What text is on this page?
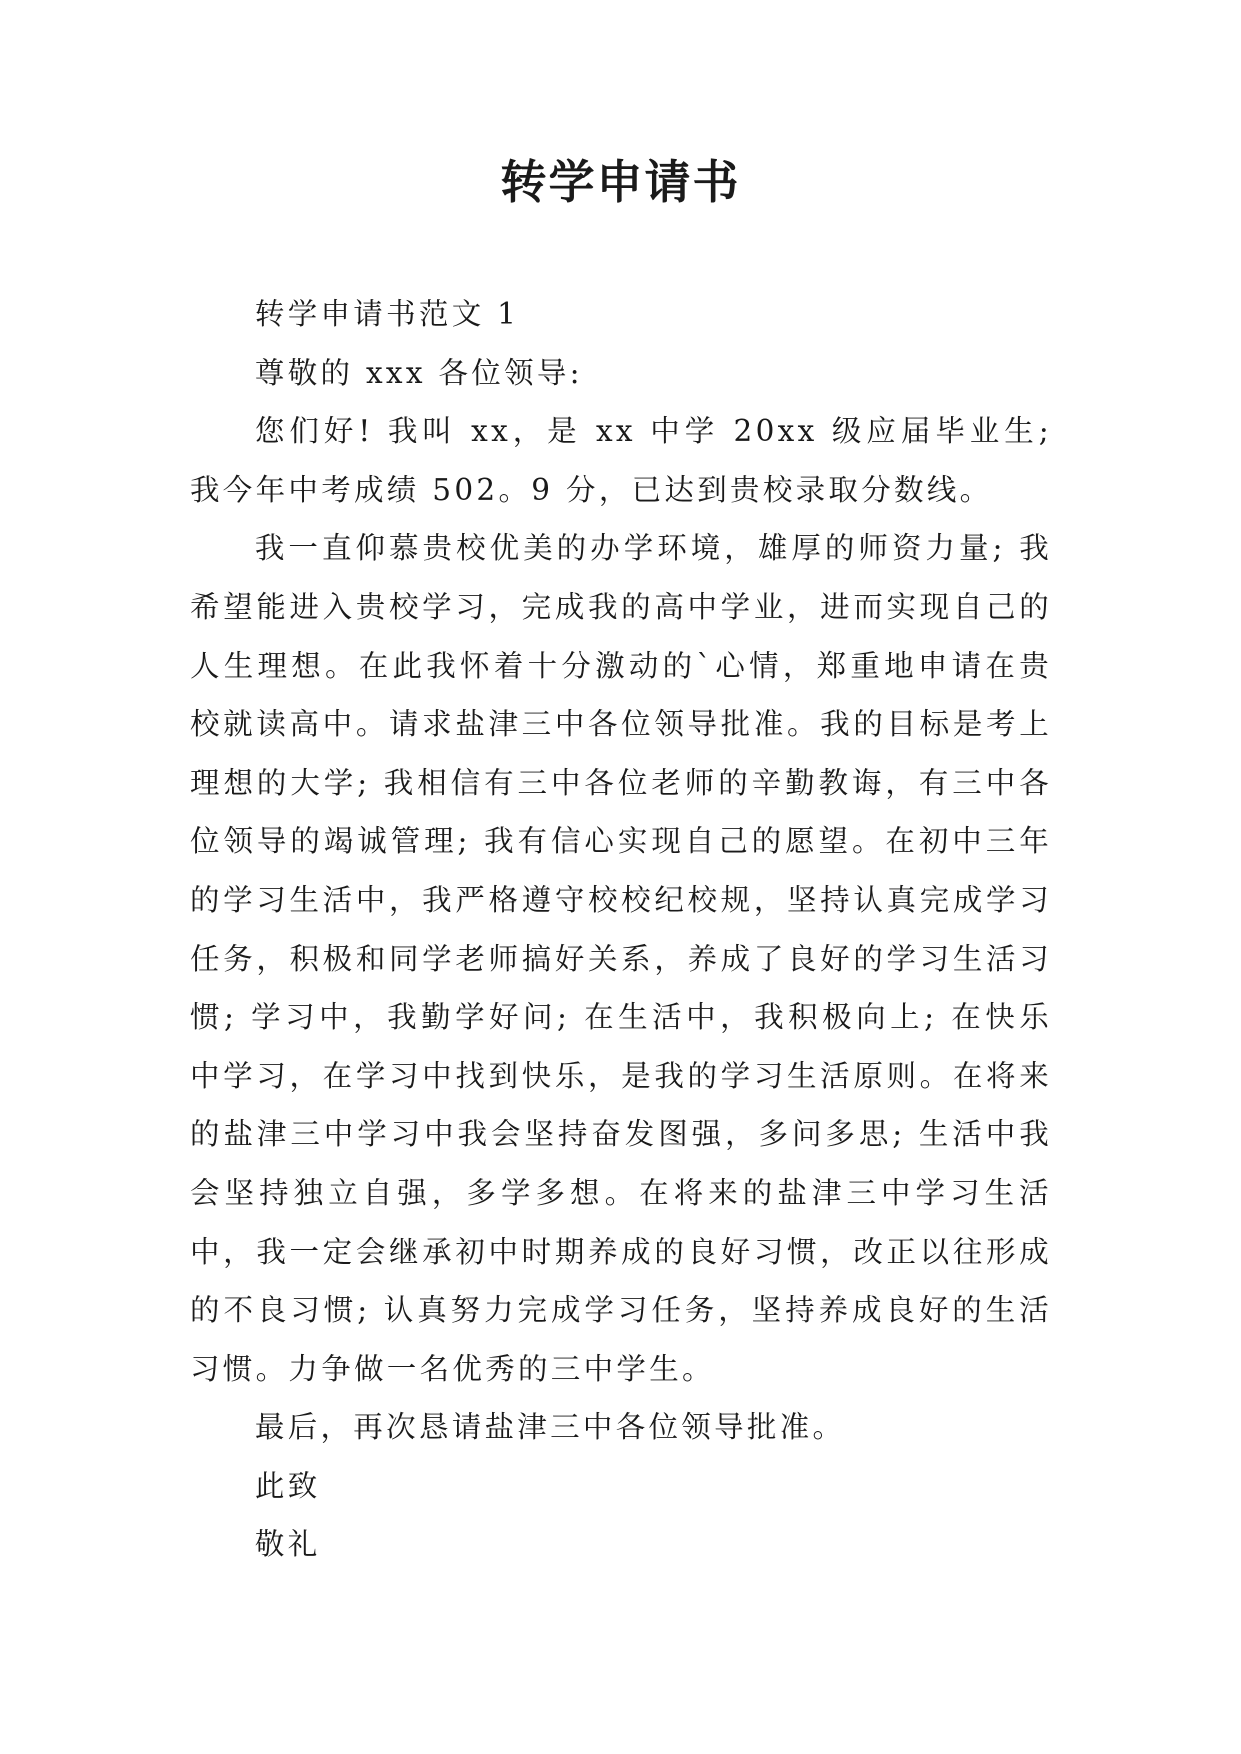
转学申请书

转学申请书范文 1

尊敬的 xxx 各位领导:

您们好! 我叫 xx，是 xx 中学 20xx 级应届毕业生; 我今年中考成绩 502。9 分，已达到贵校录取分数线。

我一直仰慕贵校优美的办学环境，雄厚的师资力量; 我希望能进入贵校学习，完成我的高中学业，进而实现自己的人生理想。在此我怀着十分激动的`心情，郑重地申请在贵校就读高中。请求盐津三中各位领导批准。我的目标是考上理想的大学; 我相信有三中各位老师的辛勤教诲，有三中各位领导的竭诚管理; 我有信心实现自己的愿望。在初中三年的学习生活中，我严格遵守校校纪校规，坚持认真完成学习任务，积极和同学老师搞好关系，养成了良好的学习生活习惯; 学习中，我勤学好问; 在生活中，我积极向上; 在快乐中学习，在学习中找到快乐，是我的学习生活原则。在将来的盐津三中学习中我会坚持奋发图强，多问多思; 生活中我会坚持独立自强，多学多想。在将来的盐津三中学习生活中，我一定会继承初中时期养成的良好习惯，改正以往形成的不良习惯; 认真努力完成学习任务，坚持养成良好的生活习惯。力争做一名优秀的三中学生。

最后，再次恳请盐津三中各位领导批准。

此致

敬礼
